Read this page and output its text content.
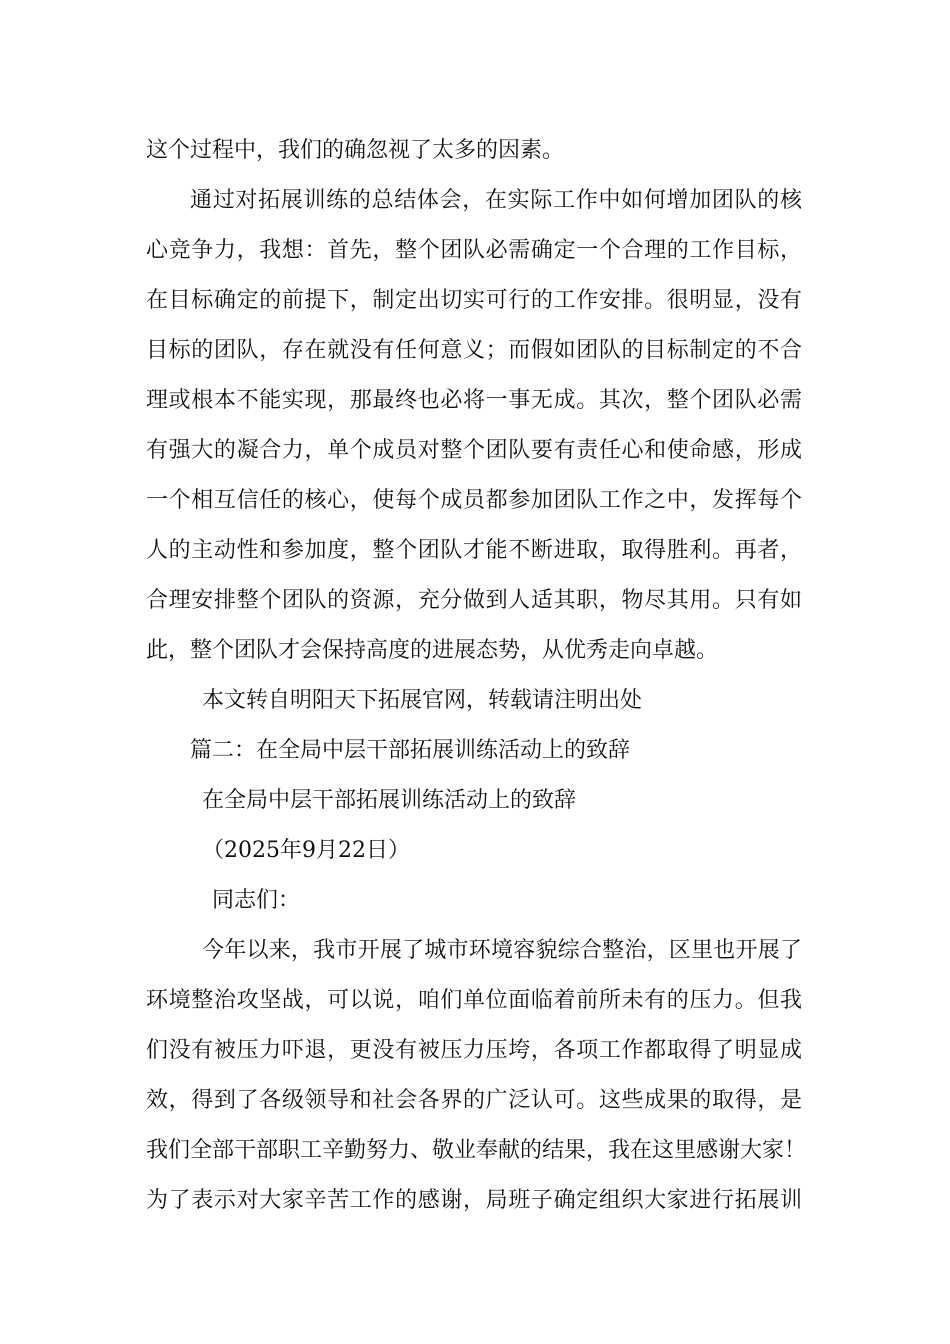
这个过程中，我们的确忽视了太多的因素。

通过对拓展训练的总结体会，在实际工作中如何增加团队的核

心竞争力，我想：首先，整个团队必需确定一个合理的工作目标，

在目标确定的前提下，制定出切实可行的工作安排。很明显，没有

目标的团队，存在就没有任何意义；而假如团队的目标制定的不合

理或根本不能实现，那最终也必将一事无成。其次，整个团队必需

有强大的凝合力，单个成员对整个团队要有责任心和使命感，形成

一个相互信任的核心，使每个成员都参加团队工作之中，发挥每个

人的主动性和参加度，整个团队才能不断进取，取得胜利。再者，

合理安排整个团队的资源，充分做到人适其职，物尽其用。只有如

此，整个团队才会保持高度的进展态势，从优秀走向卓越。

本文转自明阳天下拓展官网，转载请注明出处

篇二：在全局中层干部拓展训练活动上的致辞

在全局中层干部拓展训练活动上的致辞

（2025年9月22日）

同志们：

今年以来，我市开展了城市环境容貌综合整治，区里也开展了

环境整治攻坚战，可以说，咱们单位面临着前所未有的压力。但我

们没有被压力吓退，更没有被压力压垮，各项工作都取得了明显成

效，得到了各级领导和社会各界的广泛认可。这些成果的取得，是

我们全部干部职工辛勤努力、敬业奉献的结果，我在这里感谢大家！

为了表示对大家辛苦工作的感谢，局班子确定组织大家进行拓展训
